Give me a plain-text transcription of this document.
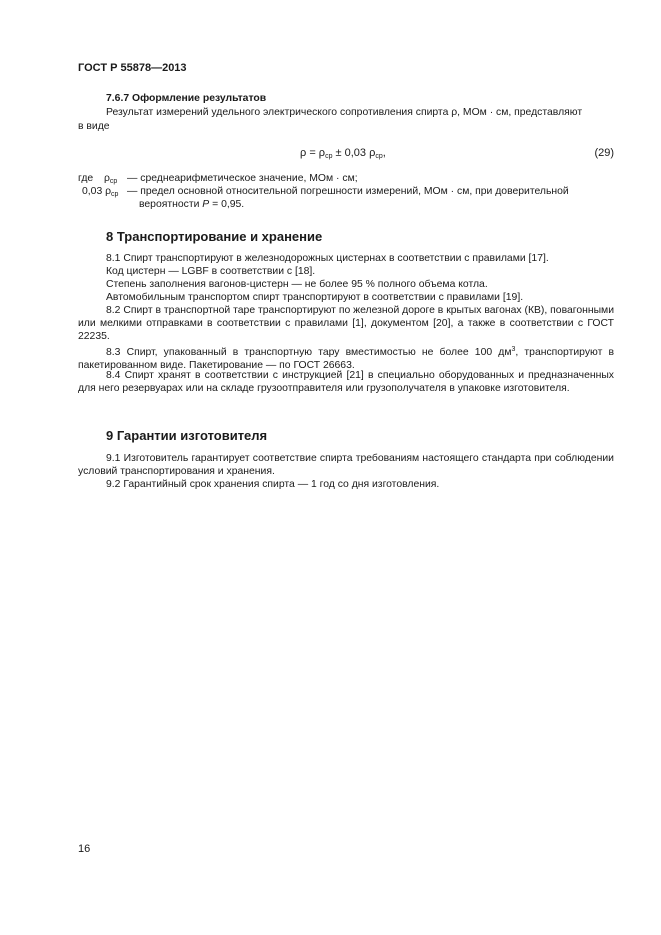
ГОСТ Р 55878—2013
7.6.7 Оформление результатов
Результат измерений удельного электрического сопротивления спирта ρ, МОм · см, представляют
в виде
$\rho = \rho_{ср} \pm 0,03$ $\rho_{ср}$,	(29)
где $\rho_{ср}$ — среднеарифметическое значение, МОм · см;
0,03 $\rho_{ср}$ — предел основной относительной погрешности измерений, МОм · см, при доверительной
вероятности P = 0,95.
8 Транспортирование и хранение
8.1 Спирт транспортируют в железнодорожных цистернах в соответствии с правилами [17].
Код цистерн — LGBF в соответствии с [18].
Степень заполнения вагонов-цистерн — не более 95 % полного объема котла.
Автомобильным транспортом спирт транспортируют в соответствии с правилами [19].
8.2 Спирт в транспортной таре транспортируют по железной дороге в крытых вагонах (КВ), повагонными или мелкими отправками в соответствии с правилами [1], документом [20], а также в соответствии с ГОСТ 22235.
8.3 Спирт, упакованный в транспортную тару вместимостью не более 100 $дм^3$, транспортируют в пакетированном виде. Пакетирование — по ГОСТ 26663.
8.4 Спирт хранят в соответствии с инструкцией [21] в специально оборудованных и предназначенных для него резервуарах или на складе грузоотправителя или грузополучателя в упаковке изготовителя.
9 Гарантии изготовителя
9.1 Изготовитель гарантирует соответствие спирта требованиям настоящего стандарта при соблюдении условий транспортирования и хранения.
9.2 Гарантийный срок хранения спирта — 1 год со дня изготовления.
16
